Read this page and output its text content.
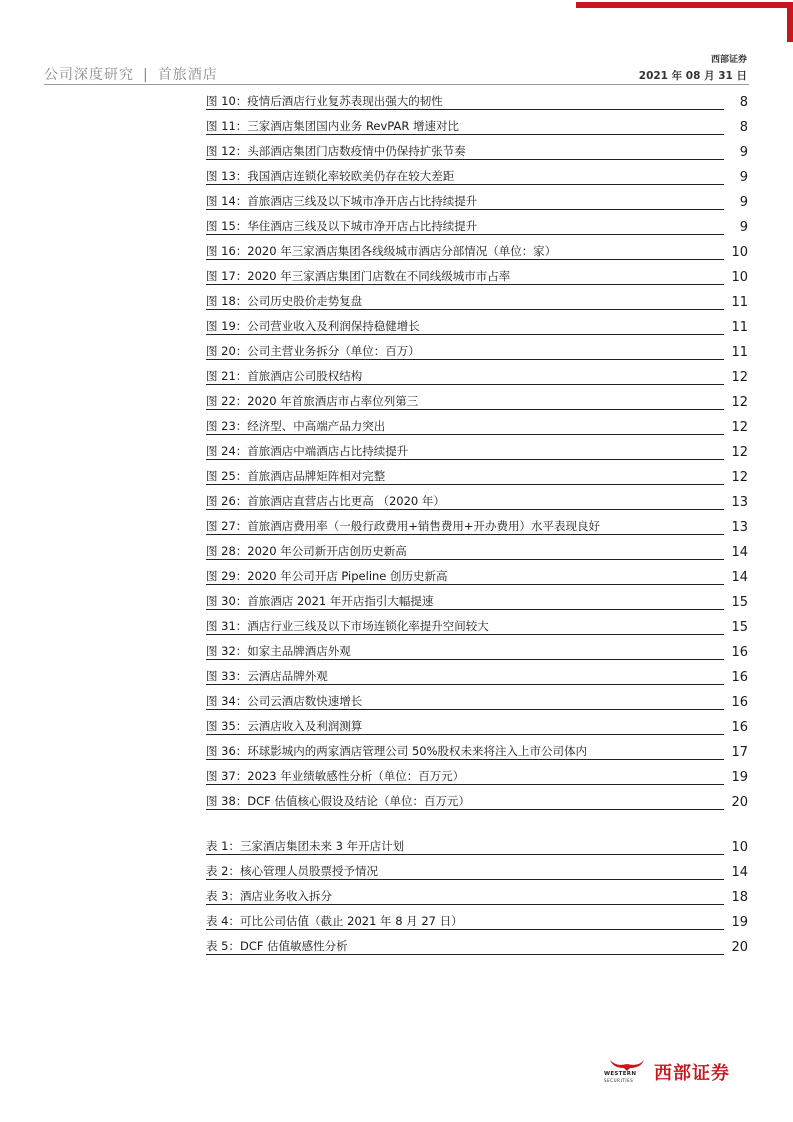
公司深度研究 | 首旅酒店
西部证券
2021 年 08 月 31 日
图 10：疫情后酒店行业复苏表现出强大的韧性	8
图 11：三家酒店集团国内业务 RevPAR 增速对比	8
图 12：头部酒店集团门店数疫情中仍保持扩张节奏	9
图 13：我国酒店连锁化率较欧美仍存在较大差距	9
图 14：首旅酒店三线及以下城市净开店占比持续提升	9
图 15：华住酒店三线及以下城市净开店占比持续提升	9
图 16：2020 年三家酒店集团各线级城市酒店分部情况（单位：家）	10
图 17：2020 年三家酒店集团门店数在不同线级城市市占率	10
图 18：公司历史股价走势复盘	11
图 19：公司营业收入及利润保持稳健增长	11
图 20：公司主营业务拆分（单位：百万）	11
图 21：首旅酒店公司股权结构	12
图 22：2020 年首旅酒店市占率位列第三	12
图 23：经济型、中高端产品力突出	12
图 24：首旅酒店中端酒店占比持续提升	12
图 25：首旅酒店品牌矩阵相对完整	12
图 26：首旅酒店直营店占比更高 （2020 年）	13
图 27：首旅酒店费用率（一般行政费用+销售费用+开办费用）水平表现良好	13
图 28：2020 年公司新开店创历史新高	14
图 29：2020 年公司开店 Pipeline 创历史新高	14
图 30：首旅酒店 2021 年开店指引大幅提速	15
图 31：酒店行业三线及以下市场连锁化率提升空间较大	15
图 32：如家主品牌酒店外观	16
图 33：云酒店品牌外观	16
图 34：公司云酒店数快速增长	16
图 35：云酒店收入及利润测算	16
图 36：环球影城内的两家酒店管理公司 50%股权未来将注入上市公司体内	17
图 37：2023 年业绩敏感性分析（单位：百万元）	19
图 38：DCF 估值核心假设及结论（单位：百万元）	20
表 1：三家酒店集团未来 3 年开店计划	10
表 2：核心管理人员股票授予情况	14
表 3：酒店业务收入拆分	18
表 4：可比公司估值（截止 2021 年 8 月 27 日）	19
表 5：DCF 估值敏感性分析	20
WESTERN
SECURITIES 西部证券
